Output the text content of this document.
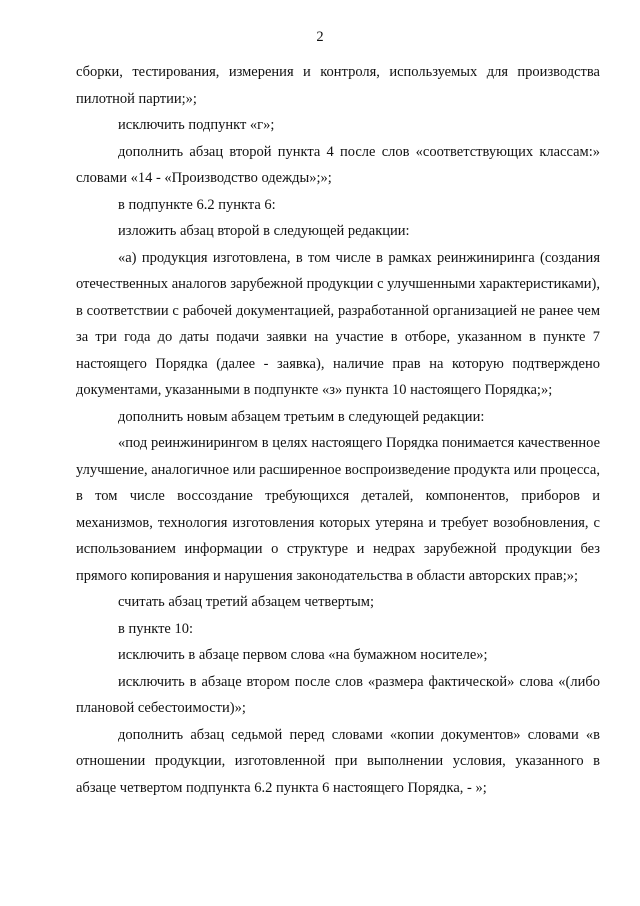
2

сборки, тестирования, измерения и контроля, используемых для производства пилотной партии;»;

исключить подпункт «г»;

дополнить абзац второй пункта 4 после слов «соответствующих классам:» словами «14 - «Производство одежды»;»;

в подпункте 6.2 пункта 6:

изложить абзац второй в следующей редакции:

«а) продукция изготовлена, в том числе в рамках реинжиниринга (создания отечественных аналогов зарубежной продукции с улучшенными характеристиками), в соответствии с рабочей документацией, разработанной организацией не ранее чем за три года до даты подачи заявки на участие в отборе, указанном в пункте 7 настоящего Порядка (далее - заявка), наличие прав на которую подтверждено документами, указанными в подпункте «з» пункта 10 настоящего Порядка;»;

дополнить новым абзацем третьим в следующей редакции:

«под реинжинирингом в целях настоящего Порядка понимается качественное улучшение, аналогичное или расширенное воспроизведение продукта или процесса, в том числе воссоздание требующихся деталей, компонентов, приборов и механизмов, технология изготовления которых утеряна и требует возобновления, с использованием информации о структуре и недрах зарубежной продукции без прямого копирования и нарушения законодательства в области авторских прав;»;

считать абзац третий абзацем четвертым;

в пункте 10:

исключить в абзаце первом слова «на бумажном носителе»;

исключить в абзаце втором после слов «размера фактической» слова «(либо плановой себестоимости)»;

дополнить абзац седьмой перед словами «копии документов» словами «в отношении продукции, изготовленной при выполнении условия, указанного в абзаце четвертом подпункта 6.2 пункта 6 настоящего Порядка, - »;
